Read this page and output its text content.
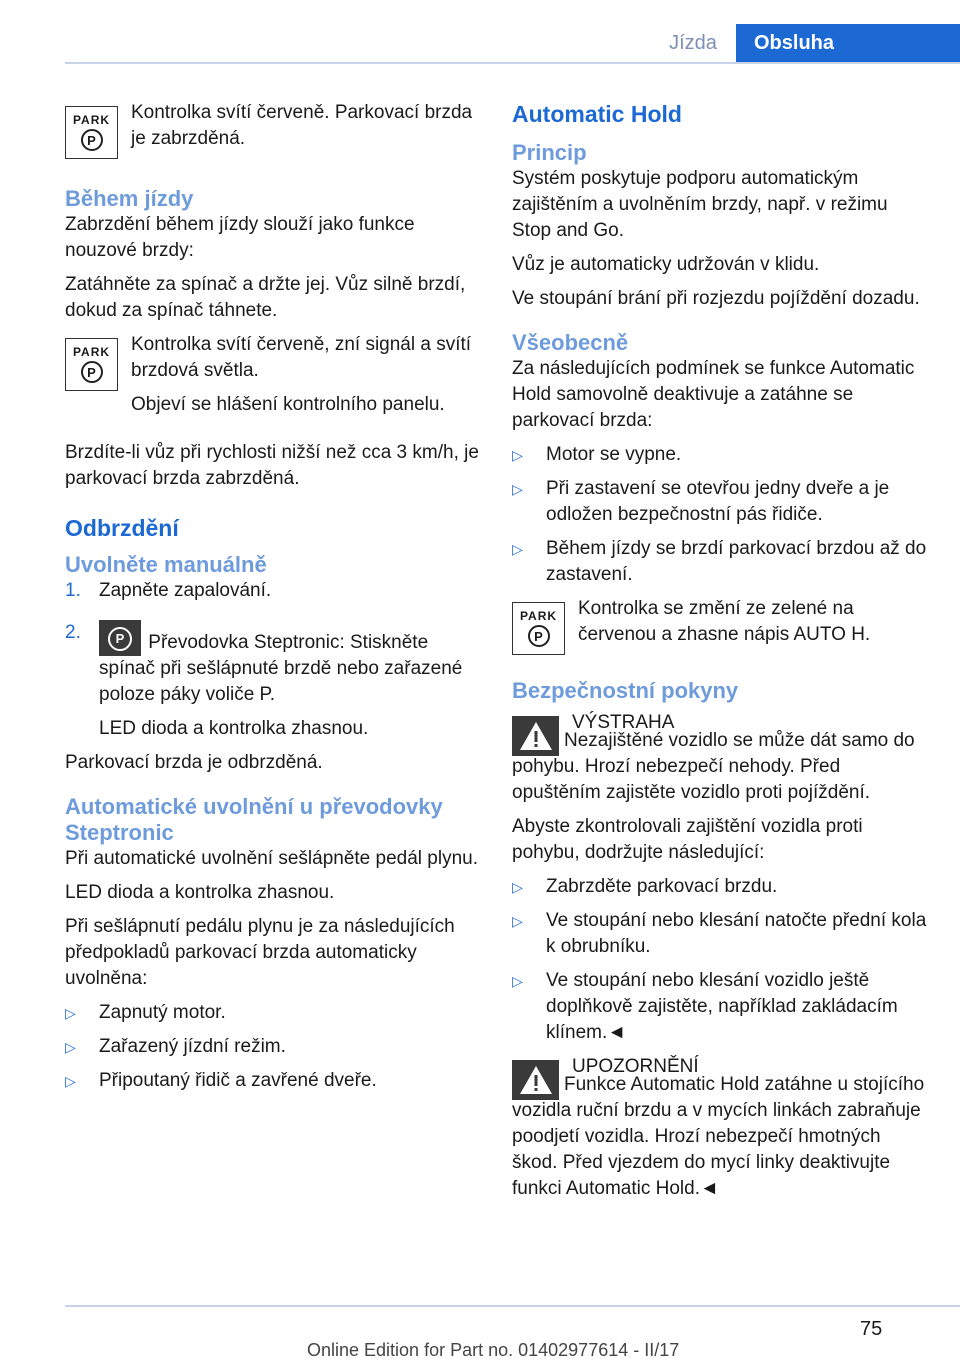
Jízda	Obsluha
PARK
P

Kontrolka svítí červeně. Parkovací brzda je zabrzděná.

Během jízdy

Zabrzdění během jízdy slouží jako funkce nouzové brzdy:

Zatáhněte za spínač a držte jej. Vůz silně brzdí, dokud za spínač táhnete.

PARK
P

Kontrolka svítí červeně, zní signál a svítí brzdová světla.

Objeví se hlášení kontrolního panelu.

Brzdíte-li vůz při rychlosti nižší než cca 3 km/h, je parkovací brzda zabrzděná.

Odbrzdění
Uvolněte manuálně
1. Zapněte zapalování.
2.	P Převodovka Steptronic: Stiskněte spínač při sešlápnuté brzdě nebo zařazené poloze páky voliče P.

LED dioda a kontrolka zhasnou.

Parkovací brzda je odbrzděná.

Automatické uvolnění u převodovky Steptronic

Při automatické uvolnění sešlápněte pedál plynu.

LED dioda a kontrolka zhasnou.

Při sešlápnutí pedálu plynu je za následujících předpokladů parkovací brzda automaticky uvolněna:

▷ Zapnutý motor.
▷ Zařazený jízdní režim.
▷ Připoutaný řidič a zavřené dveře.
Automatic Hold
Princip

Systém poskytuje podporu automatickým zajištěním a uvolněním brzdy, např. v režimu Stop and Go.

Vůz je automaticky udržován v klidu.

Ve stoupání brání při rozjezdu pojíždění dozadu.

Všeobecně

Za následujících podmínek se funkce Automatic Hold samovolně deaktivuje a zatáhne se parkovací brzda:

▷ Motor se vypne.
▷ Při zastavení se otevřou jedny dveře a je odložen bezpečnostní pás řidiče.
▷ Během jízdy se brzdí parkovací brzdou až do zastavení.
PARK
P

Kontrolka se změní ze zelené na červenou a zhasne nápis AUTO H.

Bezpečnostní pokyny

VÝSTRAHA

Nezajištěné vozidlo se může dát samo do pohybu. Hrozí nebezpečí nehody. Před opuštěním zajistěte vozidlo proti pojíždění.

Abyste zkontrolovali zajištění vozidla proti pohybu, dodržujte následující:

▷ Zabrzděte parkovací brzdu.
▷ Ve stoupání nebo klesání natočte přední kola k obrubníku.
▷ Ve stoupání nebo klesání vozidlo ještě doplňkově zajistěte, například zakládacím klínem.◄

UPOZORNĚNÍ

Funkce Automatic Hold zatáhne u stojícího vozidla ruční brzdu a v mycích linkách zabraňuje poodjetí vozidla. Hrozí nebezpečí hmotných škod. Před vjezdem do mycí linky deaktivujte funkci Automatic Hold.◄

75
Online Edition for Part no. 01402977614 - II/17
